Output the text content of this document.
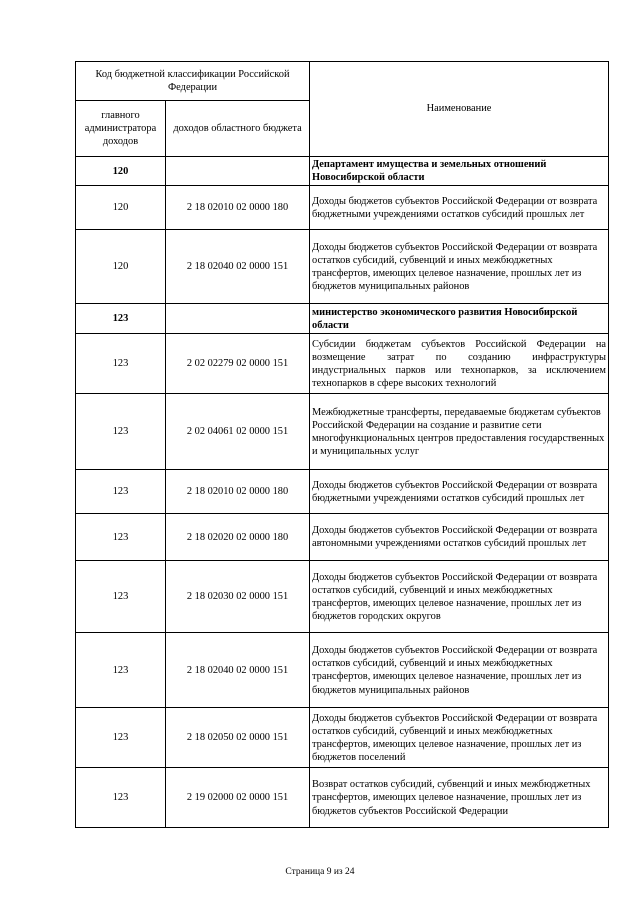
Код бюджетной классификации Российской Федерации		Наименование
главного администратора доходов	доходов областного бюджета	
120		Департамент имущества и земельных отношений Новосибирской области
120	2 18 02010 02 0000 180	Доходы бюджетов субъектов Российской Федерации от возврата бюджетными учреждениями остатков субсидий прошлых лет
120	2 18 02040 02 0000 151	Доходы бюджетов субъектов Российской Федерации от возврата остатков субсидий, субвенций и иных межбюджетных трансфертов, имеющих целевое назначение, прошлых лет из бюджетов муниципальных районов
123		министерство экономического развития Новосибирской области
123	2 02 02279 02 0000 151	Субсидии бюджетам субъектов Российской Федерации на возмещение затрат по созданию инфраструктуры индустриальных парков или технопарков, за исключением технопарков в сфере высоких технологий
123	2 02 04061 02 0000 151	Межбюджетные трансферты, передаваемые бюджетам субъектов Российской Федерации на создание и развитие сети многофункциональных центров предоставления государственных и муниципальных услуг
123	2 18 02010 02 0000 180	Доходы бюджетов субъектов Российской Федерации от возврата бюджетными учреждениями остатков субсидий прошлых лет
123	2 18 02020 02 0000 180	Доходы бюджетов субъектов Российской Федерации от возврата автономными учреждениями остатков субсидий прошлых лет
123	2 18 02030 02 0000 151	Доходы бюджетов субъектов Российской Федерации от возврата остатков субсидий, субвенций и иных межбюджетных трансфертов, имеющих целевое назначение, прошлых лет из бюджетов городских округов
123	2 18 02040 02 0000 151	Доходы бюджетов субъектов Российской Федерации от возврата остатков субсидий, субвенций и иных межбюджетных трансфертов, имеющих целевое назначение, прошлых лет из бюджетов муниципальных районов
123	2 18 02050 02 0000 151	Доходы бюджетов субъектов Российской Федерации от возврата остатков субсидий, субвенций и иных межбюджетных трансфертов, имеющих целевое назначение, прошлых лет из бюджетов поселений
123	2 19 02000 02 0000 151	Возврат остатков субсидий, субвенций и иных межбюджетных трансфертов, имеющих целевое назначение, прошлых лет из бюджетов субъектов Российской Федерации
Страница 9 из 24
